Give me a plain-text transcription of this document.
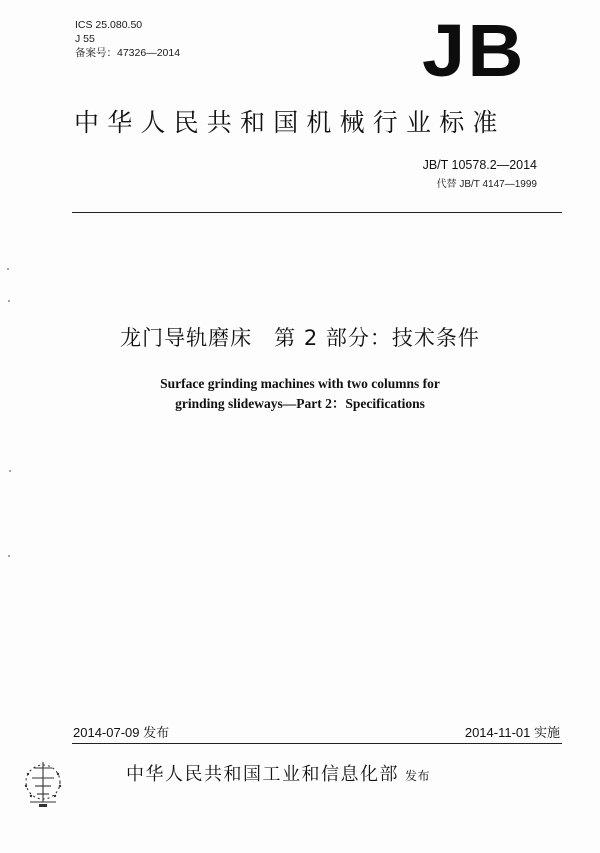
ICS 25.080.50
J 55
备案号：47326—2014	JB
中华人民共和国机械行业标准
JB/T 10578.2—2014
代替 JB/T 4147—1999
龙门导轨磨床　第 2 部分：技术条件
Surface grinding machines with two columns for
grinding slideways—Part 2：Specifications
2014-07-09 发布	2014-11-01 实施
中华人民共和国工业和信息化部 发布
